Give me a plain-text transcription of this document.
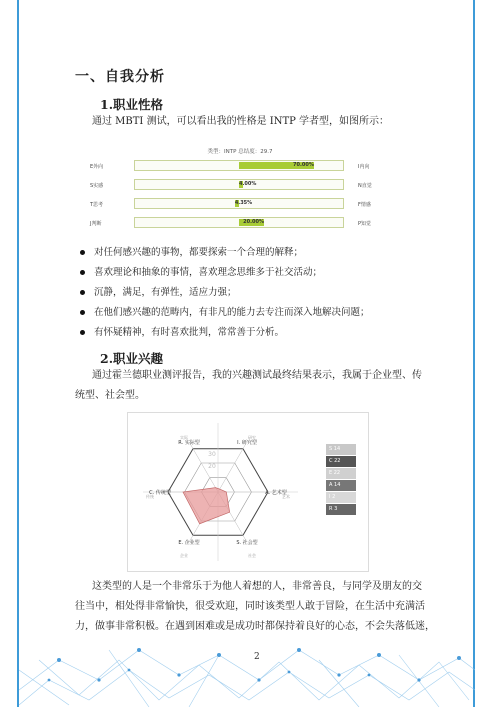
一、自我分析
1.职业性格
通过 MBTI 测试，可以看出我的性格是 INTP 学者型，如图所示：
类型：INTP 总结度：29.7
E外向	70.00%	I内向
S实感	4.00%	N直觉
T思考	4.35%	F情感
J判断	20.00%	P知觉
对任何感兴趣的事物，都要探索一个合理的解释；
喜欢理论和抽象的事情，喜欢理念思维多于社交活动；
沉静，满足，有弹性，适应力强；
在他们感兴趣的范畴内，有非凡的能力去专注而深入地解决问题；
有怀疑精神，有时喜欢批判，常常善于分析。
2.职业兴趣
通过霍兰德职业测评报告，我的兴趣测试最终结果表示，我属于企业型、传
统型、社会型。
I. 研究型
研究
A. 艺术型
艺术
S. 社会型
社会
E. 企业型
企业
C. 传统型
传统
R. 实际型
实际
30
20
S 14
C 22
E 22
A 14
I 2
R 3
这类型的人是一个非常乐于为他人着想的人，非常善良，与同学及朋友的交
往当中，相处得非常愉快，很受欢迎，同时该类型人敢于冒险，在生活中充满活
力，做事非常积极。在遇到困难或是成功时都保持着良好的心态，不会失落低迷，
2
